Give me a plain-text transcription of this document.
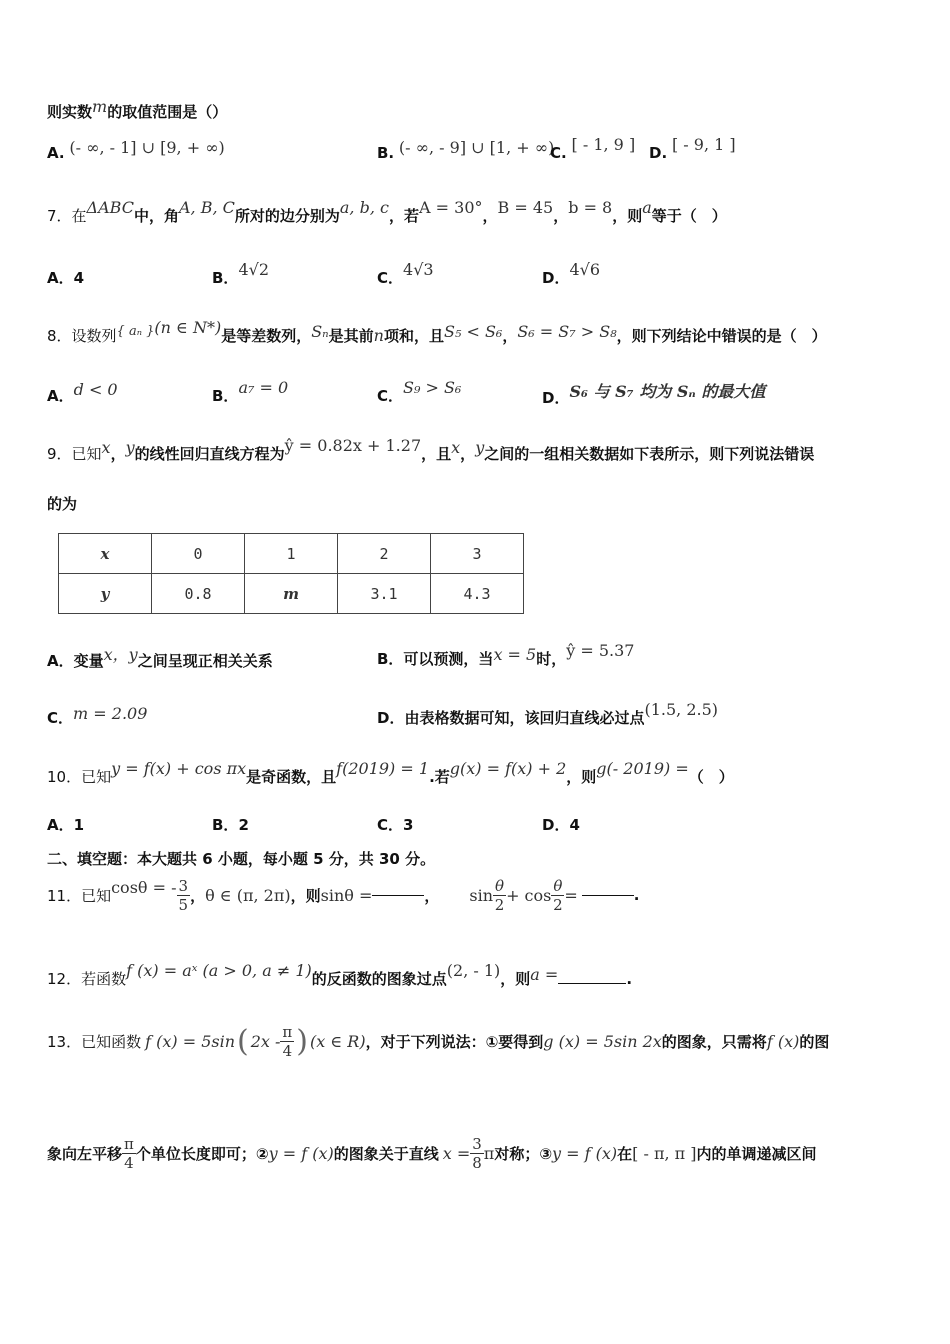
则实数m的取值范围是（）
A. (- ∞, - 1] ∪ [9, + ∞)	B. (- ∞, - 9] ∪ [1, + ∞)
C. [ - 1, 9 ] D. [ - 9, 1 ]
7．在ΔABC中，角A, B, C所对的边分别为a, b, c，若A = 30°，B = 45，b = 8，则a等于（　）
A．4	B．4√2	C．4√3	D．4√6
8．设数列{ aₙ }(n ∈ N*)是等差数列，Sₙ是其前n项和，且S₅ < S₆，S₆ = S₇ > S₈，则下列结论中错误的是（　）
A．d < 0	B．a₇ = 0	C．S₉ > S₆
D．S₆ 与 S₇ 均为 Sₙ 的最大值
9．已知x，y的线性回归直线方程为ŷ = 0.82x + 1.27，且x，y之间的一组相关数据如下表所示，则下列说法错误
的为
x	0	1	2	3
y	0.8	m	3.1	4.3
A．变量x，y之间呈现正相关关系	B．可以预测，当x = 5时，ŷ = 5.37
C．m = 2.09	D．由表格数据可知，该回归直线必过点(1.5, 2.5)
10．已知y = f(x) + cos πx是奇函数，且f(2019) = 1.若g(x) = f(x) + 2，则g(- 2019) =（　）
A．1	B．2	C．3	D．4
二、填空题：本大题共 6 小题，每小题 5 分，共 30 分。
11．已知 cosθ = - $\frac{3}{5}$ ， θ ∈ (π, 2π) ，则 sinθ =	， $\sin \frac{\theta}{2} + \cos \frac{\theta}{2}$ =	.
12．若函数f (x) = aˣ (a > 0, a ≠ 1)的反函数的图象过点(2, - 1)，则a =	.
13．已知函数 f (x) = 5sin ( $2x - \frac{\pi}{4}$ ) (x ∈ R) ，对于下列说法：①要得到 g (x) = 5sin 2x 的图象，只需将 f (x) 的图
象向左平移 $\frac{\pi}{4}$ 个单位长度即可；② y = f (x) 的图象关于直线 $x = \frac{3}{8}$ π 对称；③ y = f (x) 在 [ - π, π ] 内的单调递减区间
